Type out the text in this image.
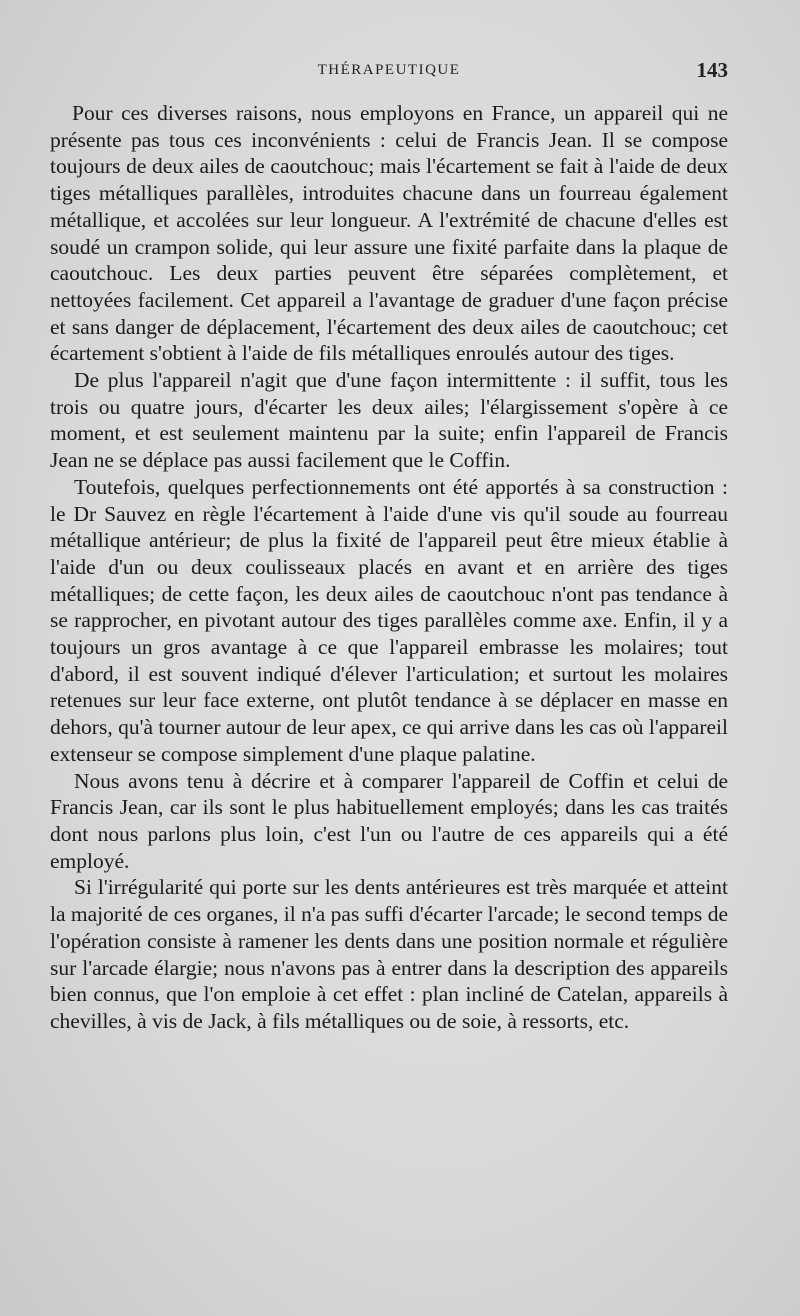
THÉRAPEUTIQUE	143

Pour ces diverses raisons, nous employons en France, un appareil qui ne présente pas tous ces inconvénients : celui de Francis Jean. Il se compose toujours de deux ailes de caoutchouc; mais l'écartement se fait à l'aide de deux tiges métalliques parallèles, introduites chacune dans un fourreau également métallique, et accolées sur leur longueur. A l'extrémité de chacune d'elles est soudé un crampon solide, qui leur assure une fixité parfaite dans la plaque de caoutchouc. Les deux parties peuvent être séparées complètement, et nettoyées facilement. Cet appareil a l'avantage de graduer d'une façon précise et sans danger de déplacement, l'écartement des deux ailes de caoutchouc; cet écartement s'obtient à l'aide de fils métalliques enroulés autour des tiges.

De plus l'appareil n'agit que d'une façon intermittente : il suffit, tous les trois ou quatre jours, d'écarter les deux ailes; l'élargissement s'opère à ce moment, et est seulement maintenu par la suite; enfin l'appareil de Francis Jean ne se déplace pas aussi facilement que le Coffin.

Toutefois, quelques perfectionnements ont été apportés à sa construction : le Dr Sauvez en règle l'écartement à l'aide d'une vis qu'il soude au fourreau métallique antérieur; de plus la fixité de l'appareil peut être mieux établie à l'aide d'un ou deux coulisseaux placés en avant et en arrière des tiges métalliques; de cette façon, les deux ailes de caoutchouc n'ont pas tendance à se rapprocher, en pivotant autour des tiges parallèles comme axe. Enfin, il y a toujours un gros avantage à ce que l'appareil embrasse les molaires; tout d'abord, il est souvent indiqué d'élever l'articulation; et surtout les molaires retenues sur leur face externe, ont plutôt tendance à se déplacer en masse en dehors, qu'à tourner autour de leur apex, ce qui arrive dans les cas où l'appareil extenseur se compose simplement d'une plaque palatine.

Nous avons tenu à décrire et à comparer l'appareil de Coffin et celui de Francis Jean, car ils sont le plus habituellement employés; dans les cas traités dont nous parlons plus loin, c'est l'un ou l'autre de ces appareils qui a été employé.

Si l'irrégularité qui porte sur les dents antérieures est très marquée et atteint la majorité de ces organes, il n'a pas suffi d'écarter l'arcade; le second temps de l'opération consiste à ramener les dents dans une position normale et régulière sur l'arcade élargie; nous n'avons pas à entrer dans la description des appareils bien connus, que l'on emploie à cet effet : plan incliné de Catelan, appareils à chevilles, à vis de Jack, à fils métalliques ou de soie, à ressorts, etc.
